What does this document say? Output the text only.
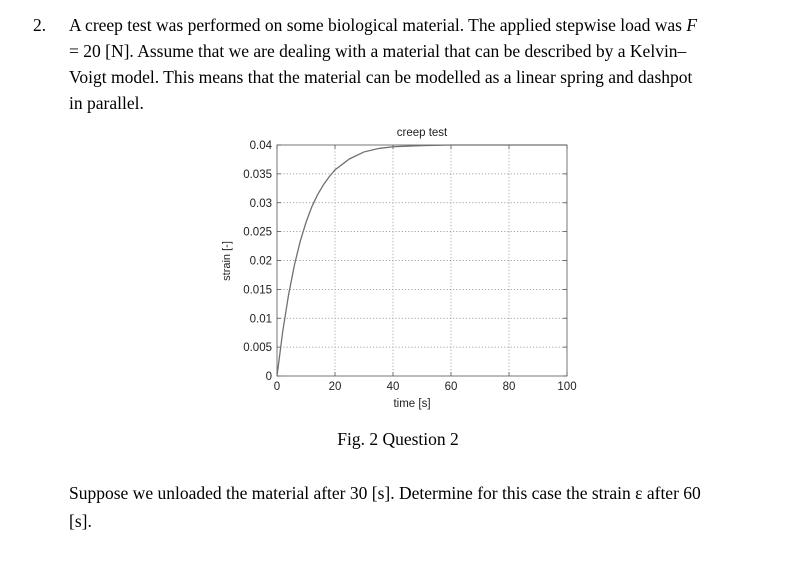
2. A creep test was performed on some biological material. The applied stepwise load was F
= 20 [N]. Assume that we are dealing with a material that can be described by a Kelvin–
Voigt model. This means that the material can be modelled as a linear spring and dashpot
in parallel.
0	20	40	60	80	100
0
0.005
0.01
0.015
0.02
0.025
0.03
0.035
0.04
creep test
time [s]
strain [-]
Fig. 2 Question 2
Suppose we unloaded the material after 30 [s]. Determine for this case the strain ε after 60
[s].
